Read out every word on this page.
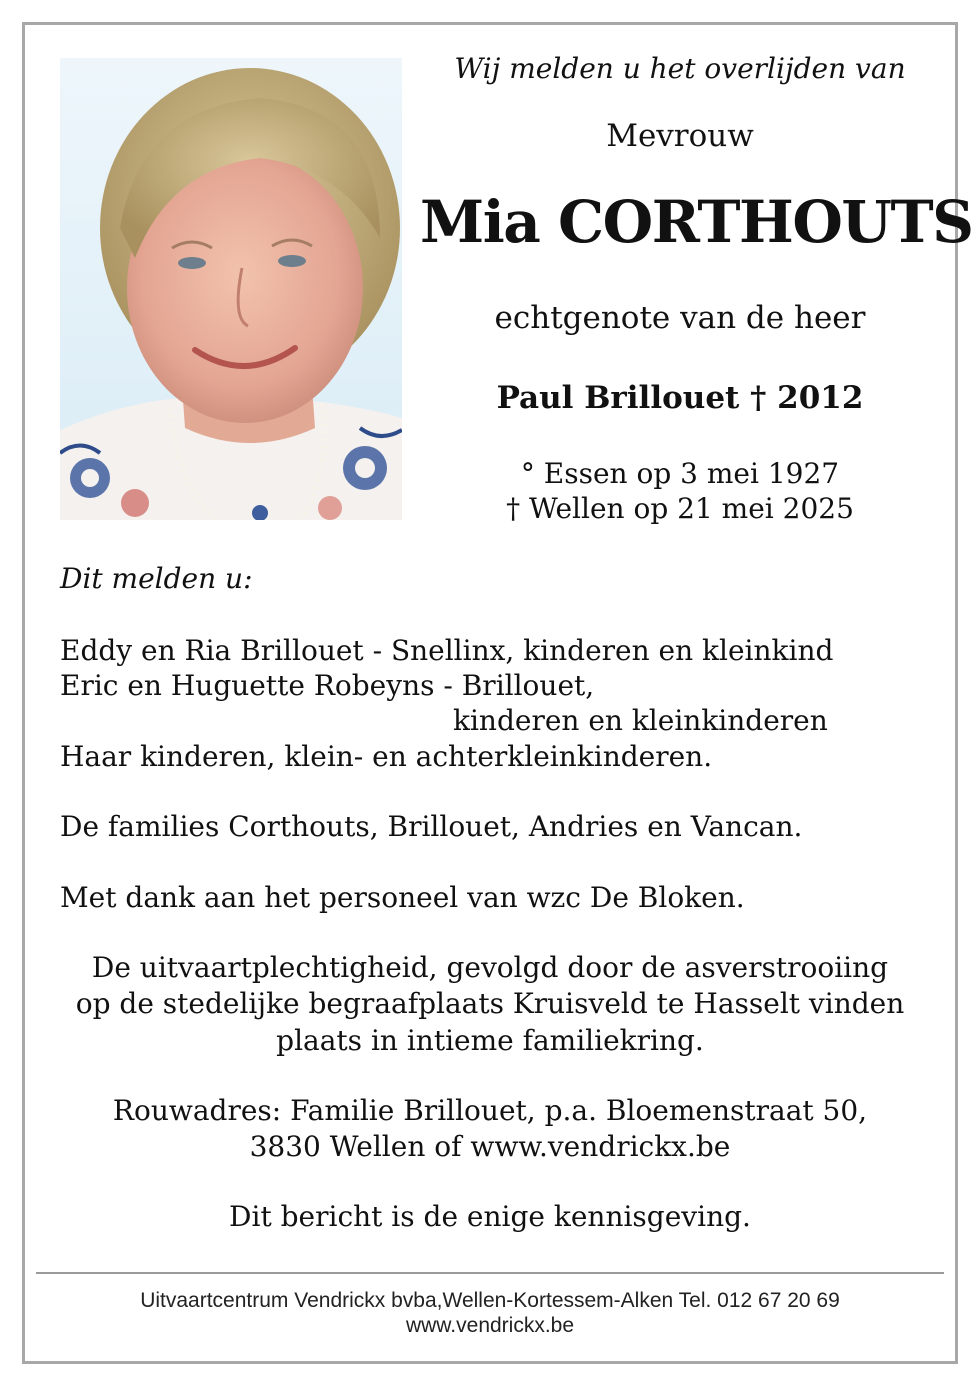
Wij melden u het overlijden van
Mevrouw
Mia CORTHOUTS
echtgenote van de heer
Paul Brillouet † 2012
° Essen op 3 mei 1927
† Wellen op 21 mei 2025
Dit melden u:
Eddy en Ria Brillouet - Snellinx, kinderen en kleinkind
Eric en Huguette Robeyns - Brillouet,
kinderen en kleinkinderen
Haar kinderen, klein- en achterkleinkinderen.
De families Corthouts, Brillouet, Andries en Vancan.
Met dank aan het personeel van wzc De Bloken.
De uitvaartplechtigheid, gevolgd door de asverstrooiing
op de stedelijke begraafplaats Kruisveld te Hasselt vinden
plaats in intieme familiekring.
Rouwadres: Familie Brillouet, p.a. Bloemenstraat 50,
3830 Wellen of www.vendrickx.be
Dit bericht is de enige kennisgeving.
Uitvaartcentrum Vendrickx bvba,Wellen-Kortessem-Alken Tel. 012 67 20 69
www.vendrickx.be
